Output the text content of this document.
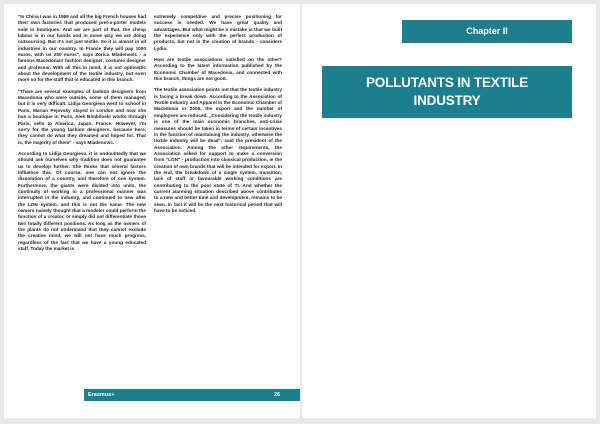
"In China I was in 1989 and all the big French houses had their own factories that produced pret-a-porter models sold in boutiques. And we are part of that, the cheap labour is in our hands and in some way we are doing outsourcing. But it's not just textile. So it is almost in all industries in our country. In France they will pay 1000 euros, with us 200 euros", says Zorica Mladenovic - a famous Macedonian fashion designer, costume designer and professor. With all this in mind, it is not optimistic about the development of the textile industry, but even more so for the staff that is educated in this branch.

"There are several examples of fashion designers from Macedonia who were outside, some of them managed, but it is very difficult. Lidija Georgieva went to school in Paris, Marian Pejovsky stayed in London and now she has a boutique in Paris, Alek Bimbiloski works through Paris, sells to America, Japan, France. However, I'm sorry for the young fashion designers, because here, they cannot do what they dreamed and hoped for. That is, the majority of them" - says Mladenovic.

According to Lidija Georgieva, it is undoubtedly that we should ask ourselves why tradition does not guarantee us to develop further. She thinks that several factors influence this. Of course, one can not ignore the dissolution of a country, and therefore of one system. Furthermore, the giants were divided into units, the continuity of working in a professional manner was interrupted in the industry, and continued to new after the LON system, and this is not the same. The new owners naively thought that a modeler could perform the function of a creator, or simply did not differentiate those two totally different positions. As long as the owners of the plants do not understand that they cannot exclude the creative mind, we will not have much progress, regardless of the fact that we have a young educated staff. Today the market is

extremely competitive and precise positioning for success is needed. We have great quality and advantages. But what might be a mistake is that we built the experience only with the perfect production of products, but not in the creation of brands - considers Lydia.

How are textile associations satisfied on the other? According to the latest information published by the Economic Chamber of Macedonia, and connected with this branch, things are not good.

The textile association points out that the textile industry is facing a break down. According to the Association of Textile Industry and Apparel in the Economic Chamber of Macedonia in 2005, the export and the number of employees are reduced. „Considering the textile industry is one of the main economic branches, anti-crisis measures should be taken in terms of certain incentives in the function of maintaining the industry, otherwise the textile industry will be dead", said the president of the Association. Among the other requirements, the Association asked for support to make a conversion from "LON" - production into classical production, ie the creation of own brands that will be intended for export. In the end, the breakdown of a single system, transition, lack of staff or favourable working conditions are contributing to the poor state of TI. And whether the current alarming situation described above contributes to a new and better time and development, remains to be seen. In fact it will be the next historical period that will have to be noticed.

Erasmus+	26
Chapter II
POLLUTANTS IN TEXTILE INDUSTRY
